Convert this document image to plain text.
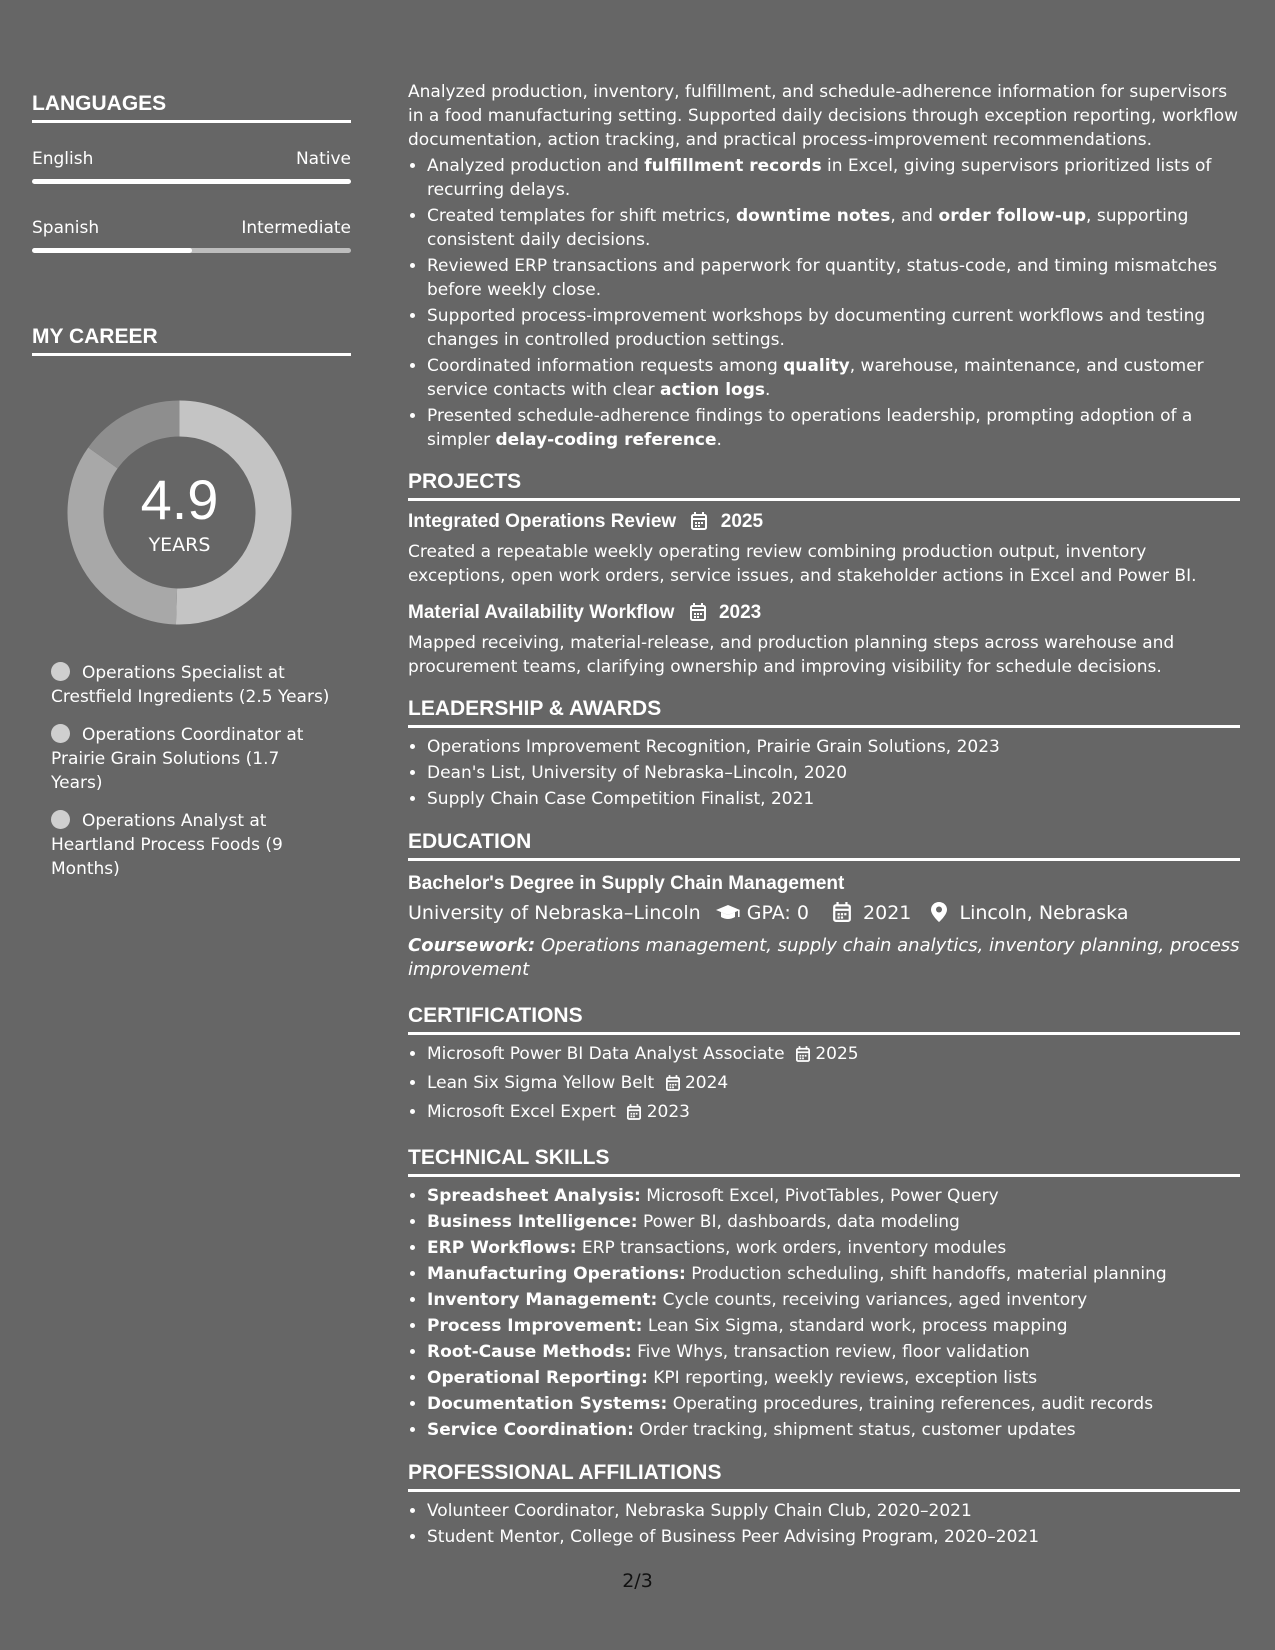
LANGUAGES
English	Native
Spanish	Intermediate
MY CAREER
4.9
YEARS
Operations Specialist at Crestfield Ingredients (2.5 Years)
Operations Coordinator at Prairie Grain Solutions (1.7 Years)
Operations Analyst at Heartland Process Foods (9 Months)

Analyzed production, inventory, fulfillment, and schedule-adherence information for supervisors in a food manufacturing setting. Supported daily decisions through exception reporting, workflow documentation, action tracking, and practical process-improvement recommendations.

• Analyzed production and fulfillment records in Excel, giving supervisors prioritized lists of recurring delays.
• Created templates for shift metrics, downtime notes, and order follow-up, supporting consistent daily decisions.
• Reviewed ERP transactions and paperwork for quantity, status-code, and timing mismatches before weekly close.
• Supported process-improvement workshops by documenting current workflows and testing changes in controlled production settings.
• Coordinated information requests among quality, warehouse, maintenance, and customer service contacts with clear action logs.
• Presented schedule-adherence findings to operations leadership, prompting adoption of a simpler delay-coding reference.
PROJECTS
Integrated Operations Review 2025

Created a repeatable weekly operating review combining production output, inventory exceptions, open work orders, service issues, and stakeholder actions in Excel and Power BI.

Material Availability Workflow 2023

Mapped receiving, material-release, and production planning steps across warehouse and procurement teams, clarifying ownership and improving visibility for schedule decisions.

LEADERSHIP & AWARDS
• Operations Improvement Recognition, Prairie Grain Solutions, 2023
• Dean's List, University of Nebraska–Lincoln, 2020
• Supply Chain Case Competition Finalist, 2021
EDUCATION
Bachelor's Degree in Supply Chain Management
University of Nebraska–Lincoln GPA: 0	2021	Lincoln, Nebraska
Coursework: Operations management, supply chain analytics, inventory planning, process improvement
CERTIFICATIONS
• Microsoft Power BI Data Analyst Associate 2025
• Lean Six Sigma Yellow Belt 2024
• Microsoft Excel Expert 2023
TECHNICAL SKILLS
• Spreadsheet Analysis: Microsoft Excel, PivotTables, Power Query
• Business Intelligence: Power BI, dashboards, data modeling
• ERP Workflows: ERP transactions, work orders, inventory modules
• Manufacturing Operations: Production scheduling, shift handoffs, material planning
• Inventory Management: Cycle counts, receiving variances, aged inventory
• Process Improvement: Lean Six Sigma, standard work, process mapping
• Root-Cause Methods: Five Whys, transaction review, floor validation
• Operational Reporting: KPI reporting, weekly reviews, exception lists
• Documentation Systems: Operating procedures, training references, audit records
• Service Coordination: Order tracking, shipment status, customer updates
PROFESSIONAL AFFILIATIONS
• Volunteer Coordinator, Nebraska Supply Chain Club, 2020–2021
• Student Mentor, College of Business Peer Advising Program, 2020–2021
2/3
